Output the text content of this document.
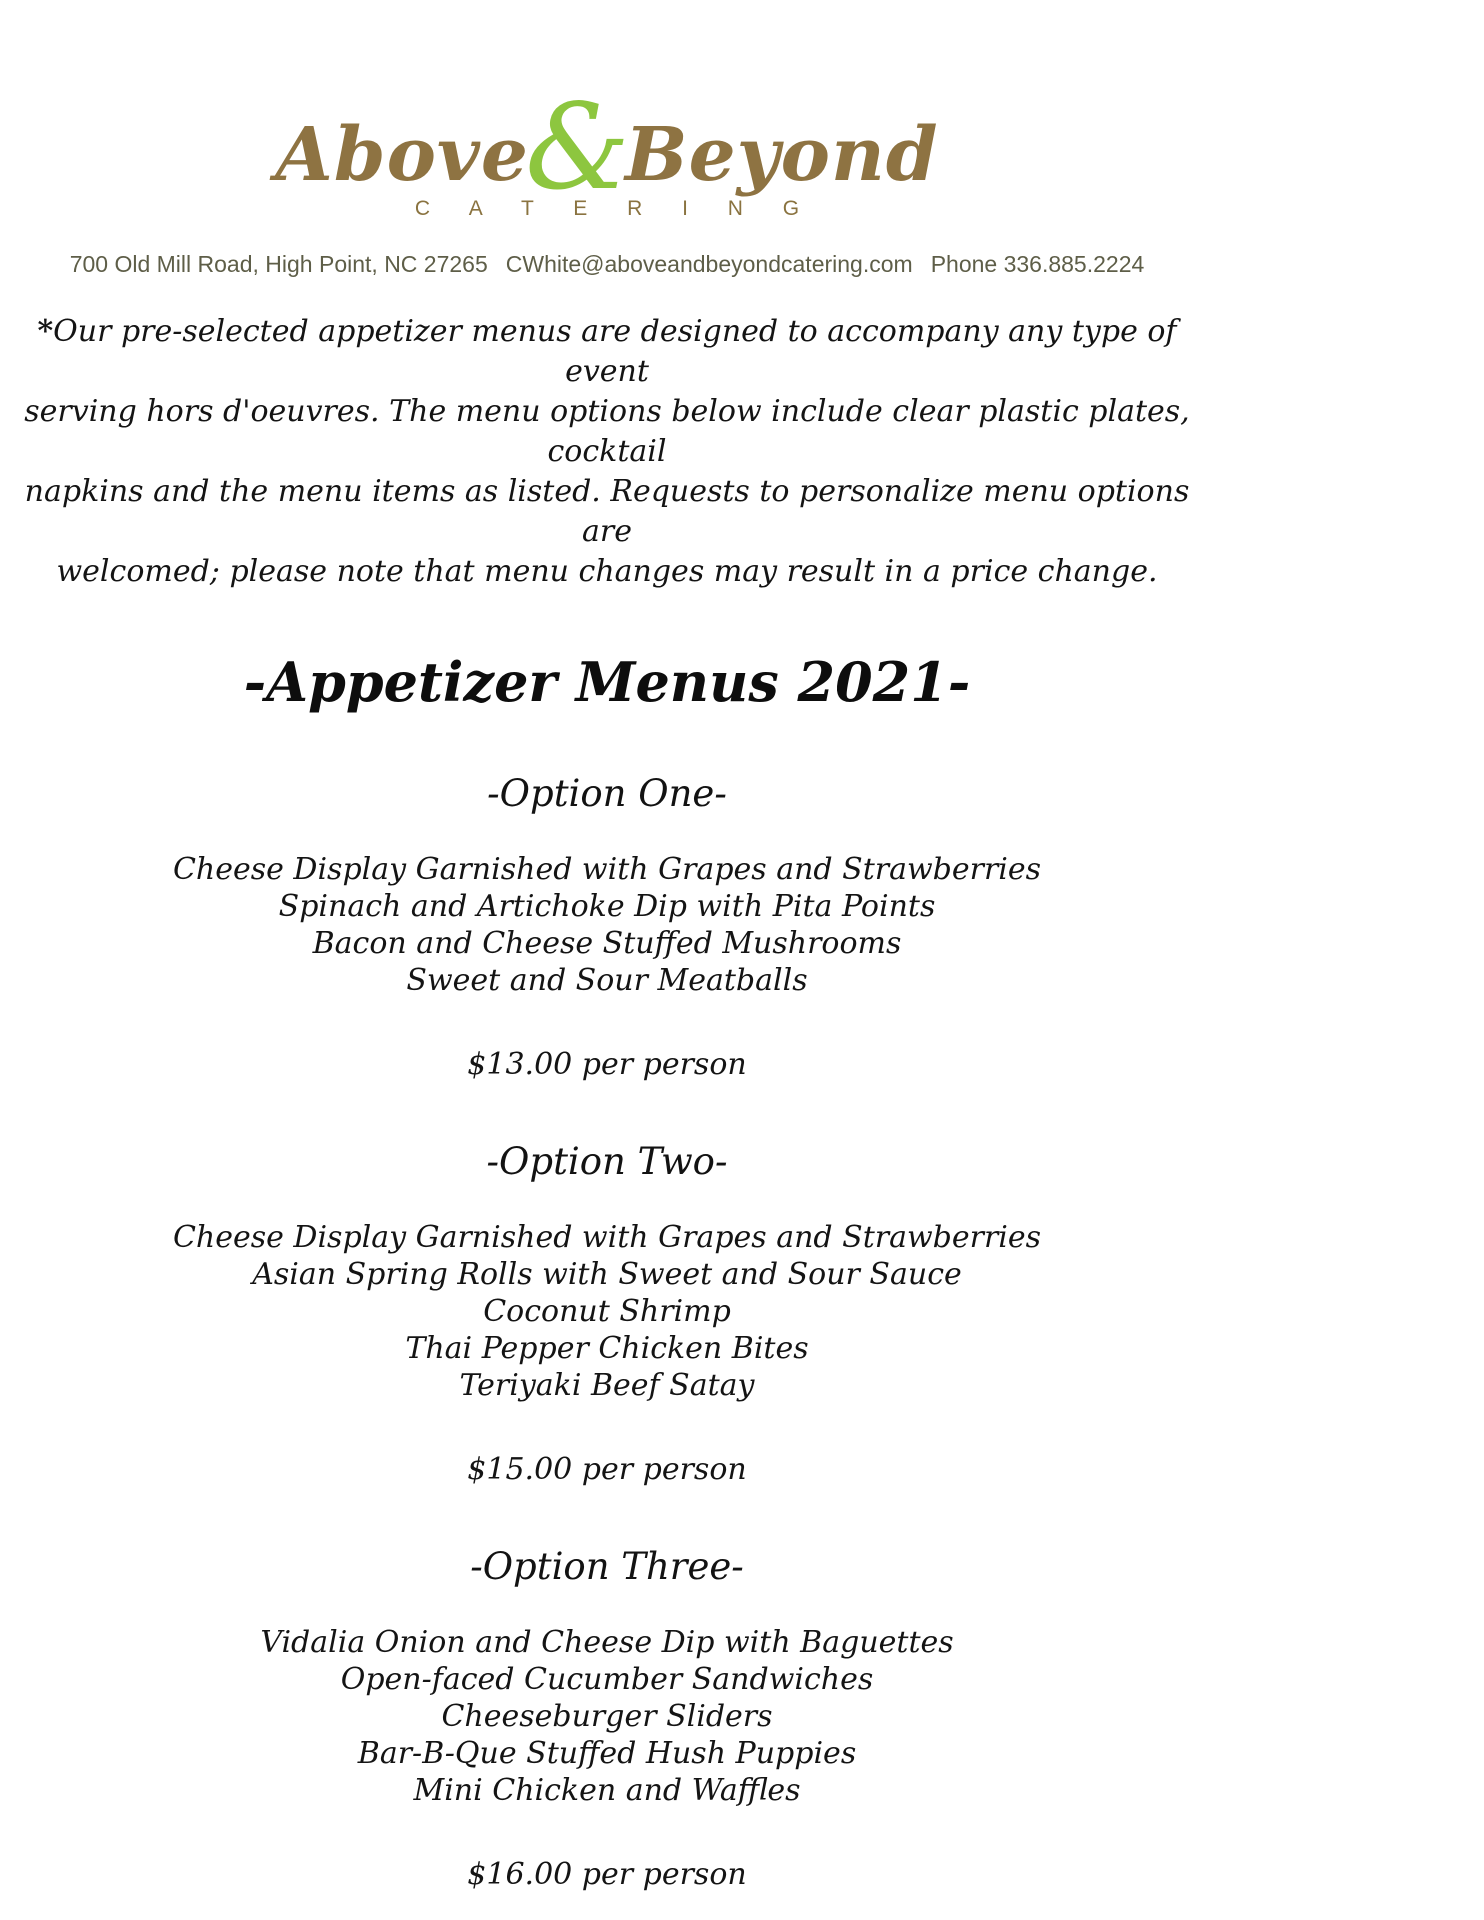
Above&Beyond
C A T E R I N G
700 Old Mill Road, High Point, NC 27265 CWhite@aboveandbeyondcatering.com Phone 336.885.2224
*Our pre-selected appetizer menus are designed to accompany any type of event
serving hors d'oeuvres. The menu options below include clear plastic plates, cocktail
napkins and the menu items as listed. Requests to personalize menu options are
welcomed; please note that menu changes may result in a price change.
-Appetizer Menus 2021-
-Option One-
Cheese Display Garnished with Grapes and Strawberries
Spinach and Artichoke Dip with Pita Points
Bacon and Cheese Stuffed Mushrooms
Sweet and Sour Meatballs
$13.00 per person
-Option Two-
Cheese Display Garnished with Grapes and Strawberries
Asian Spring Rolls with Sweet and Sour Sauce
Coconut Shrimp
Thai Pepper Chicken Bites
Teriyaki Beef Satay
$15.00 per person
-Option Three-
Vidalia Onion and Cheese Dip with Baguettes
Open-faced Cucumber Sandwiches
Cheeseburger Sliders
Bar-B-Que Stuffed Hush Puppies
Mini Chicken and Waffles
$16.00 per person
